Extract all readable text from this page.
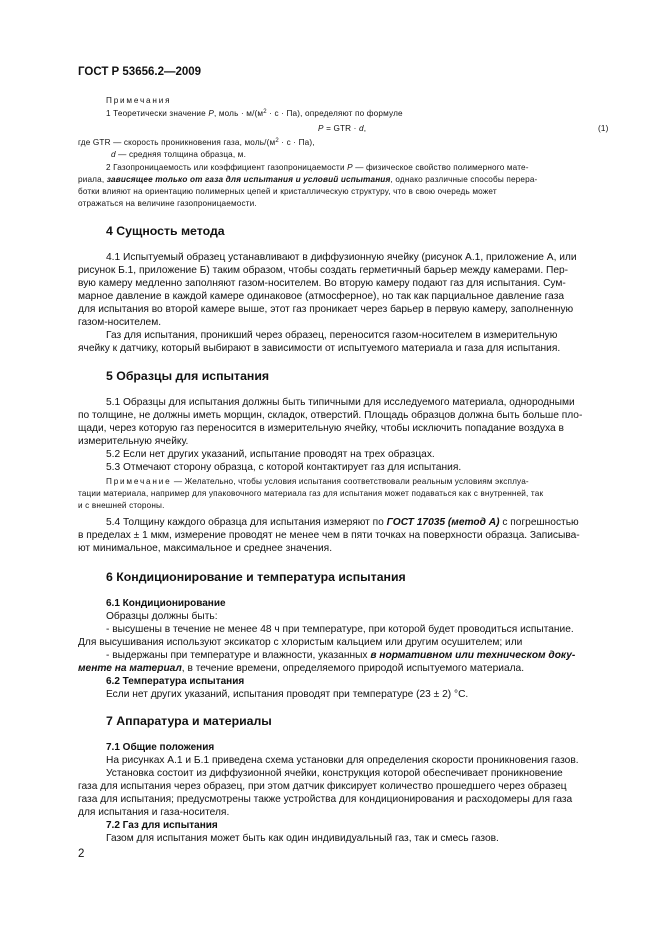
ГОСТ Р 53656.2—2009
Примечания
1 Теоретически значение P, моль · $м/(м^2 \cdot с \cdot Па)$, определяют по формуле
P = GTR · d,	(1)
где GTR — скорость проникновения газа, моль/$(м^2 \cdot с \cdot Па)$,
d — средняя толщина образца, м.
2 Газопроницаемость или коэффициент газопроницаемости P — физическое свойство полимерного мате-
риала, зависящее только от газа для испытания и условий испытания, однако различные способы перера-
ботки влияют на ориентацию полимерных цепей и кристаллическую структуру, что в свою очередь может
отражаться на величине газопроницаемости.
4 Сущность метода
4.1 Испытуемый образец устанавливают в диффузионную ячейку (рисунок А.1, приложение А, или
рисунок Б.1, приложение Б) таким образом, чтобы создать герметичный барьер между камерами. Пер-
вую камеру медленно заполняют газом-носителем. Во вторую камеру подают газ для испытания. Сум-
марное давление в каждой камере одинаковое (атмосферное), но так как парциальное давление газа
для испытания во второй камере выше, этот газ проникает через барьер в первую камеру, заполненную
газом-носителем.
Газ для испытания, проникший через образец, переносится газом-носителем в измерительную
ячейку к датчику, который выбирают в зависимости от испытуемого материала и газа для испытания.
5 Образцы для испытания
5.1 Образцы для испытания должны быть типичными для исследуемого материала, однородными
по толщине, не должны иметь морщин, складок, отверстий. Площадь образцов должна быть больше пло-
щади, через которую газ переносится в измерительную ячейку, чтобы исключить попадание воздуха в
измерительную ячейку.
5.2 Если нет других указаний, испытание проводят на трех образцах.
5.3 Отмечают сторону образца, с которой контактирует газ для испытания.
Примечание — Желательно, чтобы условия испытания соответствовали реальным условиям эксплуа-
тации материала, например для упаковочного материала газ для испытания может подаваться как с внутренней, так
и с внешней стороны.
5.4 Толщину каждого образца для испытания измеряют по ГОСТ 17035 (метод А) с погрешностью
в пределах ± 1 мкм, измерение проводят не менее чем в пяти точках на поверхности образца. Записыва-
ют минимальное, максимальное и среднее значения.
6 Кондиционирование и температура испытания
6.1 Кондиционирование
Образцы должны быть:
- высушены в течение не менее 48 ч при температуре, при которой будет проводиться испытание.
Для высушивания используют эксикатор с хлористым кальцием или другим осушителем; или
- выдержаны при температуре и влажности, указанных в нормативном или техническом доку-
менте на материал, в течение времени, определяемого природой испытуемого материала.
6.2 Температура испытания
Если нет других указаний, испытания проводят при температуре (23 ± 2) °С.
7 Аппаратура и материалы
7.1 Общие положения
На рисунках А.1 и Б.1 приведена схема установки для определения скорости проникновения газов.
Установка состоит из диффузионной ячейки, конструкция которой обеспечивает проникновение
газа для испытания через образец, при этом датчик фиксирует количество прошедшего через образец
газа для испытания; предусмотрены также устройства для кондиционирования и расходомеры для газа
для испытания и газа-носителя.
7.2 Газ для испытания
Газом для испытания может быть как один индивидуальный газ, так и смесь газов.
2
